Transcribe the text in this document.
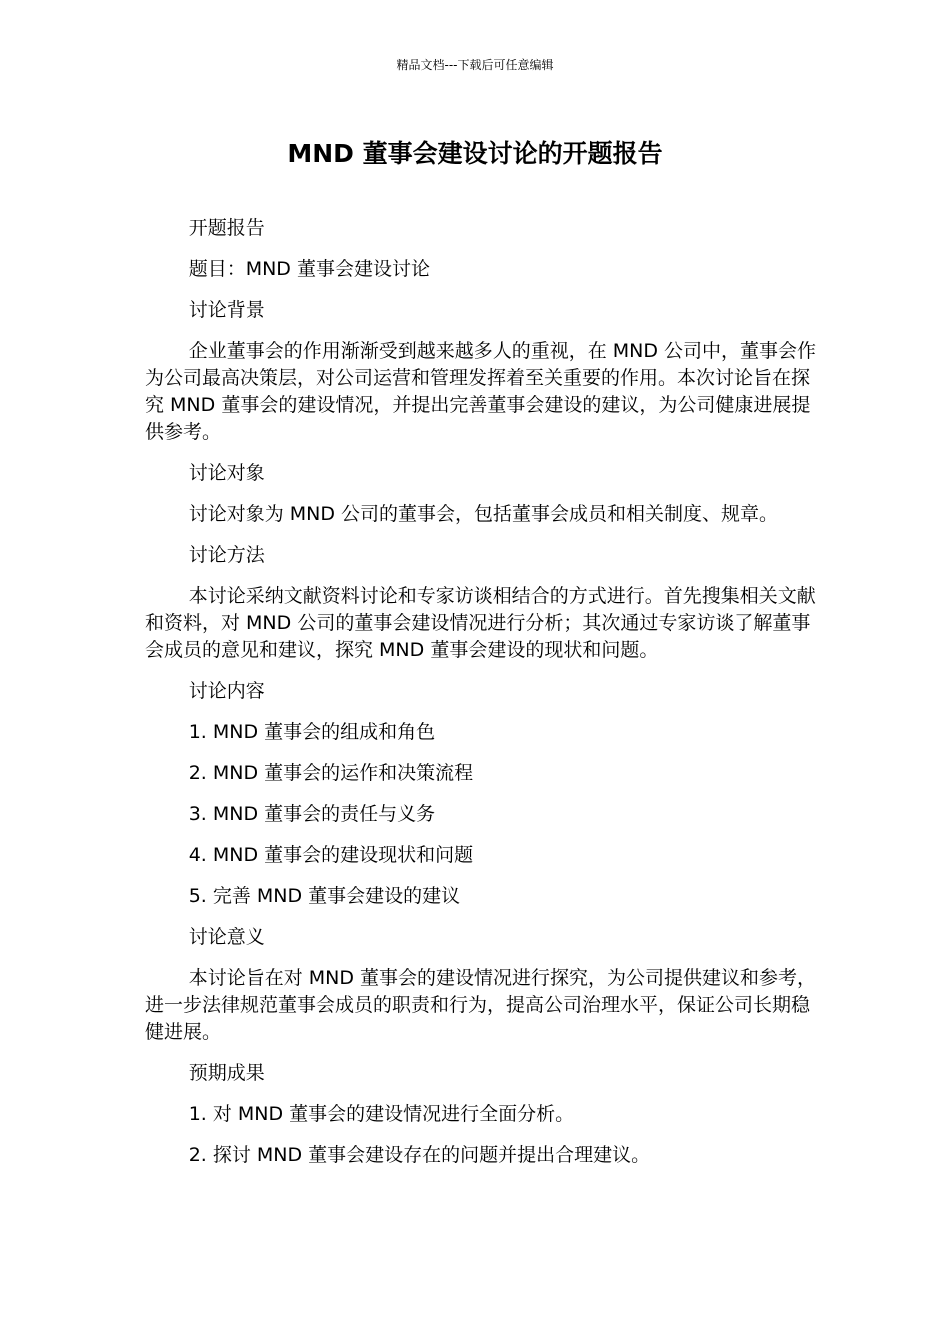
精品文档---下载后可任意编辑
MND 董事会建设讨论的开题报告

开题报告

题目：MND 董事会建设讨论

讨论背景

企业董事会的作用渐渐受到越来越多人的重视，在 MND 公司中，董事会作为公司最高决策层，对公司运营和管理发挥着至关重要的作用。本次讨论旨在探究 MND 董事会的建设情况，并提出完善董事会建设的建议，为公司健康进展提供参考。

讨论对象

讨论对象为 MND 公司的董事会，包括董事会成员和相关制度、规章。

讨论方法

本讨论采纳文献资料讨论和专家访谈相结合的方式进行。首先搜集相关文献和资料，对 MND 公司的董事会建设情况进行分析；其次通过专家访谈了解董事会成员的意见和建议，探究 MND 董事会建设的现状和问题。

讨论内容

1. MND 董事会的组成和角色

2. MND 董事会的运作和决策流程

3. MND 董事会的责任与义务

4. MND 董事会的建设现状和问题

5. 完善 MND 董事会建设的建议

讨论意义

本讨论旨在对 MND 董事会的建设情况进行探究，为公司提供建议和参考，进一步法律规范董事会成员的职责和行为，提高公司治理水平，保证公司长期稳健进展。

预期成果

1. 对 MND 董事会的建设情况进行全面分析。

2. 探讨 MND 董事会建设存在的问题并提出合理建议。
